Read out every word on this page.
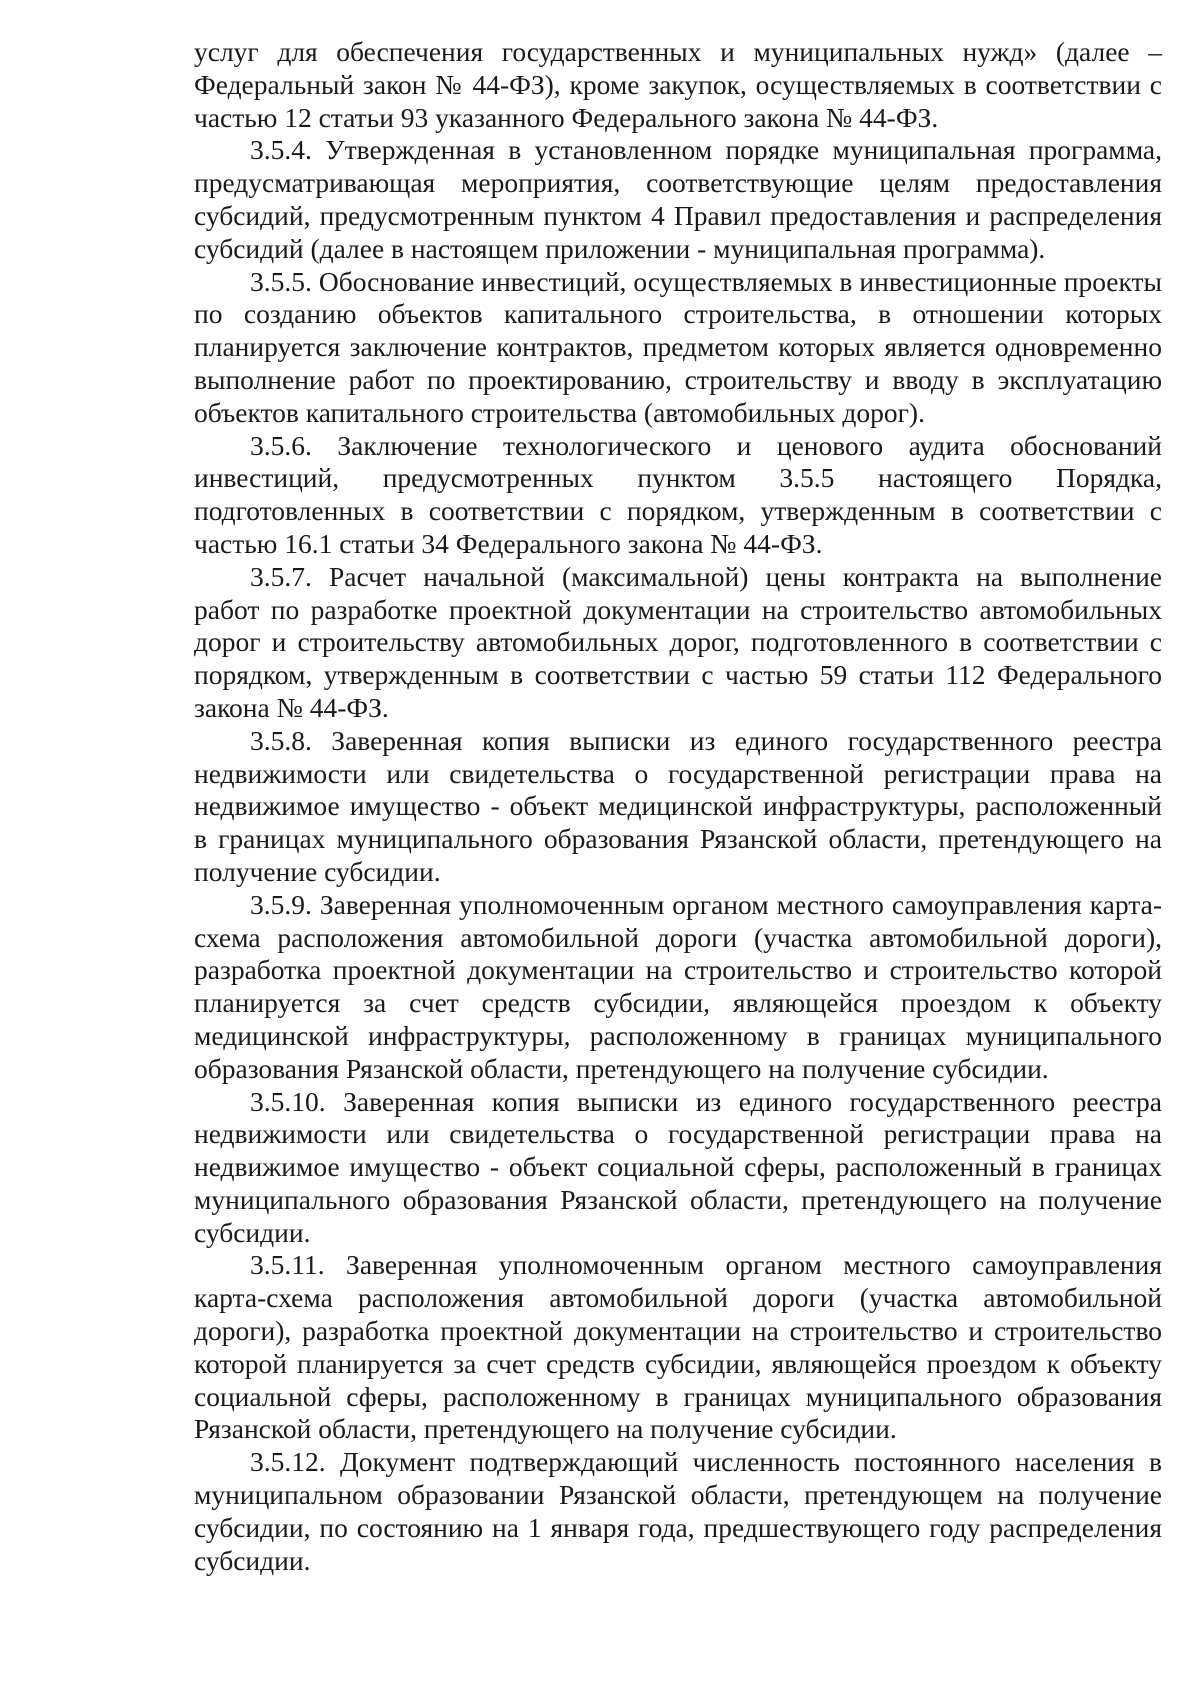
услуг для обеспечения государственных и муниципальных нужд» (далее – Федеральный закон № 44-ФЗ), кроме закупок, осуществляемых в соответствии с частью 12 статьи 93 указанного Федерального закона № 44-ФЗ.

3.5.4. Утвержденная в установленном порядке муниципальная программа, предусматривающая мероприятия, соответствующие целям предоставления субсидий, предусмотренным пунктом 4 Правил предоставления и распределения субсидий (далее в настоящем приложении - муниципальная программа).

3.5.5. Обоснование инвестиций, осуществляемых в инвестиционные проекты по созданию объектов капитального строительства, в отношении которых планируется заключение контрактов, предметом которых является одновременно выполнение работ по проектированию, строительству и вводу в эксплуатацию объектов капитального строительства (автомобильных дорог).

3.5.6. Заключение технологического и ценового аудита обоснований инвестиций, предусмотренных пунктом 3.5.5 настоящего Порядка, подготовленных в соответствии с порядком, утвержденным в соответствии с частью 16.1 статьи 34 Федерального закона № 44-ФЗ.

3.5.7. Расчет начальной (максимальной) цены контракта на выполнение работ по разработке проектной документации на строительство автомобильных дорог и строительству автомобильных дорог, подготовленного в соответствии с порядком, утвержденным в соответствии с частью 59 статьи 112 Федерального закона № 44-ФЗ.

3.5.8. Заверенная копия выписки из единого государственного реестра недвижимости или свидетельства о государственной регистрации права на недвижимое имущество - объект медицинской инфраструктуры, расположенный в границах муниципального образования Рязанской области, претендующего на получение субсидии.

3.5.9. Заверенная уполномоченным органом местного самоуправления карта-схема расположения автомобильной дороги (участка автомобильной дороги), разработка проектной документации на строительство и строительство которой планируется за счет средств субсидии, являющейся проездом к объекту медицинской инфраструктуры, расположенному в границах муниципального образования Рязанской области, претендующего на получение субсидии.

3.5.10. Заверенная копия выписки из единого государственного реестра недвижимости или свидетельства о государственной регистрации права на недвижимое имущество - объект социальной сферы, расположенный в границах муниципального образования Рязанской области, претендующего на получение субсидии.

3.5.11. Заверенная уполномоченным органом местного самоуправления карта-схема расположения автомобильной дороги (участка автомобильной дороги), разработка проектной документации на строительство и строительство которой планируется за счет средств субсидии, являющейся проездом к объекту социальной сферы, расположенному в границах муниципального образования Рязанской области, претендующего на получение субсидии.

3.5.12. Документ подтверждающий численность постоянного населения в муниципальном образовании Рязанской области, претендующем на получение субсидии, по состоянию на 1 января года, предшествующего году распределения субсидии.
